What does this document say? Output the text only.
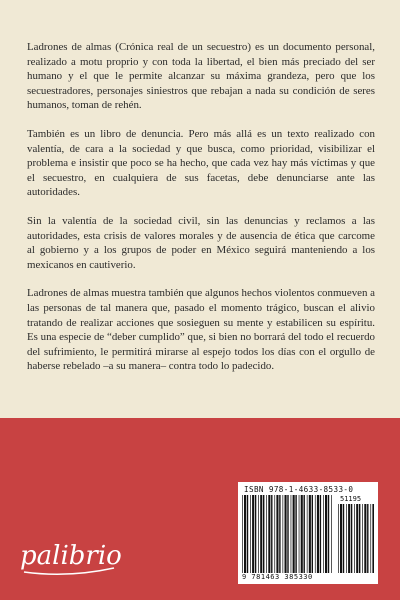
Ladrones de almas (Crónica real de un secuestro) es un documento personal, realizado a motu proprio y con toda la libertad, el bien más preciado del ser humano y el que le permite alcanzar su máxima grandeza, pero que los secuestradores, personajes siniestros que rebajan a nada su condición de seres humanos, toman de rehén.

También es un libro de denuncia. Pero más allá es un texto realizado con valentía, de cara a la sociedad y que busca, como prioridad, visibilizar el problema e insistir que poco se ha hecho, que cada vez hay más víctimas y que el secuestro, en cualquiera de sus facetas, debe denunciarse ante las autoridades.

Sin la valentía de la sociedad civil, sin las denuncias y reclamos a las autoridades, esta crisis de valores morales y de ausencia de ética que carcome al gobierno y a los grupos de poder en México seguirá manteniendo a los mexicanos en cautiverio.

Ladrones de almas muestra también que algunos hechos violentos conmueven a las personas de tal manera que, pasado el momento trágico, buscan el alivio tratando de realizar acciones que sosieguen su mente y estabilicen su espíritu. Es una especie de “deber cumplido” que, si bien no borrará del todo el recuerdo del sufrimiento, le permitirá mirarse al espejo todos los días con el orgullo de haberse rebelado –a su manera– contra todo lo padecido.

palibrio
ISBN 978-1-4633-8533-0
51195
9 781463 385330
